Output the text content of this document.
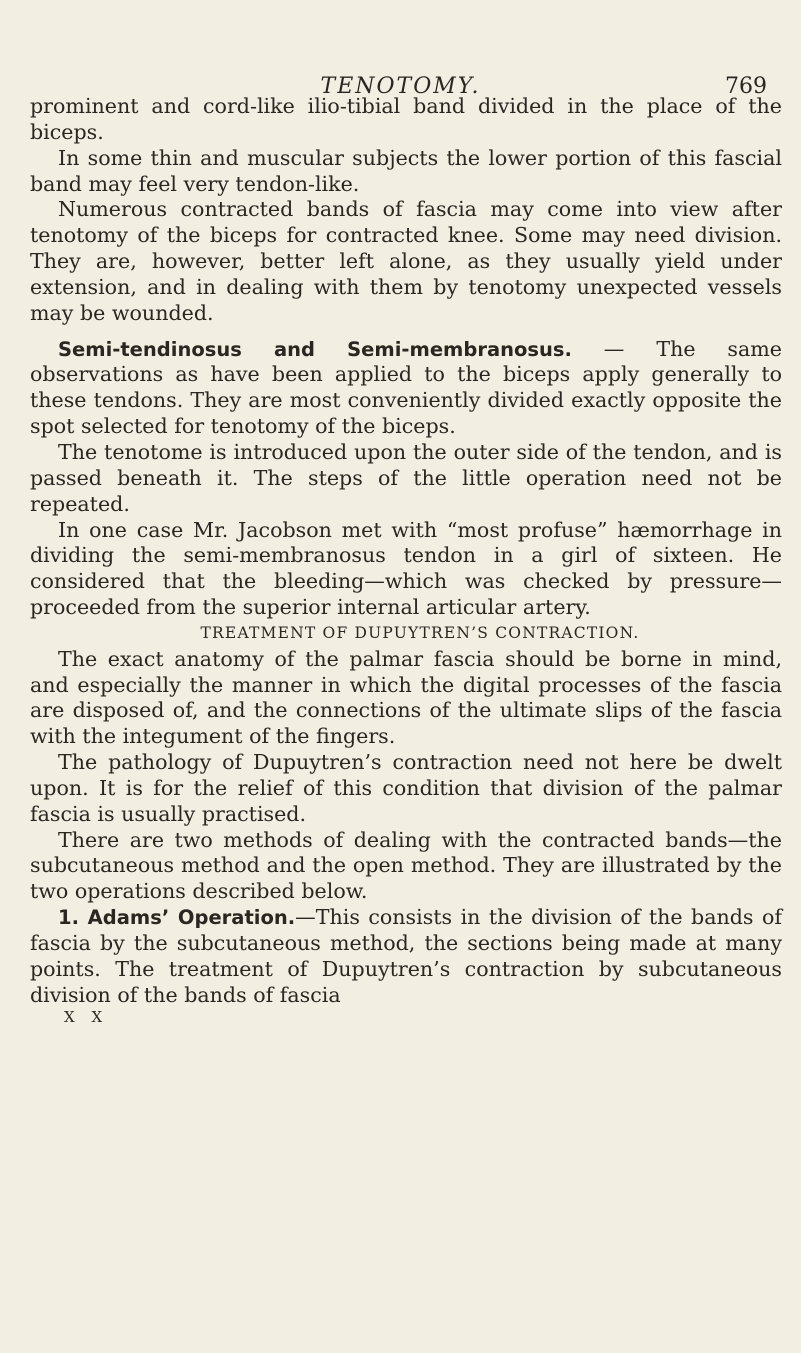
TENOTOMY.	769

prominent and cord-like ilio-tibial band divided in the place of the biceps.

In some thin and muscular subjects the lower portion of this fascial band may feel very tendon-like.

Numerous contracted bands of fascia may come into view after tenotomy of the biceps for contracted knee. Some may need division. They are, however, better left alone, as they usually yield under extension, and in dealing with them by tenotomy unexpected vessels may be wounded.

Semi-tendinosus and Semi-membranosus. — The same observations as have been applied to the biceps apply generally to these tendons. They are most conveniently divided exactly opposite the spot selected for tenotomy of the biceps.

The tenotome is introduced upon the outer side of the tendon, and is passed beneath it. The steps of the little operation need not be repeated.

In one case Mr. Jacobson met with “most profuse” hæmorrhage in dividing the semi-membranosus tendon in a girl of sixteen. He considered that the bleeding—which was checked by pressure—proceeded from the superior internal articular artery.

TREATMENT OF DUPUYTREN’S CONTRACTION.

The exact anatomy of the palmar fascia should be borne in mind, and especially the manner in which the digital processes of the fascia are disposed of, and the connections of the ultimate slips of the fascia with the integument of the fingers.

The pathology of Dupuytren’s contraction need not here be dwelt upon. It is for the relief of this condition that division of the palmar fascia is usually practised.

There are two methods of dealing with the contracted bands—the subcutaneous method and the open method. They are illustrated by the two operations described below.

1. Adams’ Operation.—This consists in the division of the bands of fascia by the subcutaneous method, the sections being made at many points. The treatment of Dupuytren’s contraction by subcutaneous division of the bands of fascia

X X
